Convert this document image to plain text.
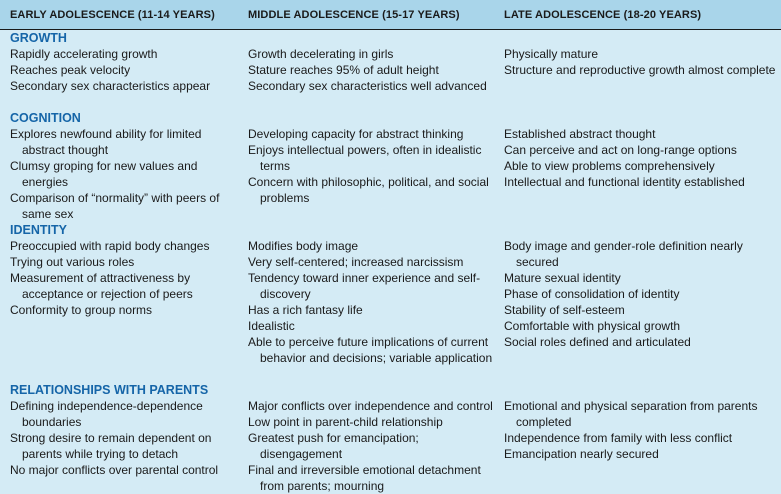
EARLY ADOLESCENCE (11-14 YEARS)	MIDDLE ADOLESCENCE (15-17 YEARS)	LATE ADOLESCENCE (18-20 YEARS)
GROWTH

Rapidly accelerating growth

Reaches peak velocity

Secondary sex characteristics appear

Growth decelerating in girls

Stature reaches 95% of adult height

Secondary sex characteristics well advanced

Physically mature

Structure and reproductive growth almost complete

COGNITION

Explores newfound ability for limited abstract thought

Clumsy groping for new values and energies

Comparison of “normality” with peers of same sex

Developing capacity for abstract thinking

Enjoys intellectual powers, often in idealistic terms

Concern with philosophic, political, and social problems

Established abstract thought

Can perceive and act on long-range options

Able to view problems comprehensively

Intellectual and functional identity established

IDENTITY

Preoccupied with rapid body changes

Trying out various roles

Measurement of attractiveness by acceptance or rejection of peers

Conformity to group norms

Modifies body image

Very self-centered; increased narcissism

Tendency toward inner experience and self-discovery

Has a rich fantasy life

Idealistic

Able to perceive future implications of current behavior and decisions; variable application

Body image and gender-role definition nearly secured

Mature sexual identity

Phase of consolidation of identity

Stability of self-esteem

Comfortable with physical growth

Social roles defined and articulated

RELATIONSHIPS WITH PARENTS

Defining independence-dependence boundaries

Strong desire to remain dependent on parents while trying to detach

No major conflicts over parental control

Major conflicts over independence and control

Low point in parent-child relationship

Greatest push for emancipation; disengagement

Final and irreversible emotional detachment from parents; mourning

Emotional and physical separation from parents completed

Independence from family with less conflict

Emancipation nearly secured
